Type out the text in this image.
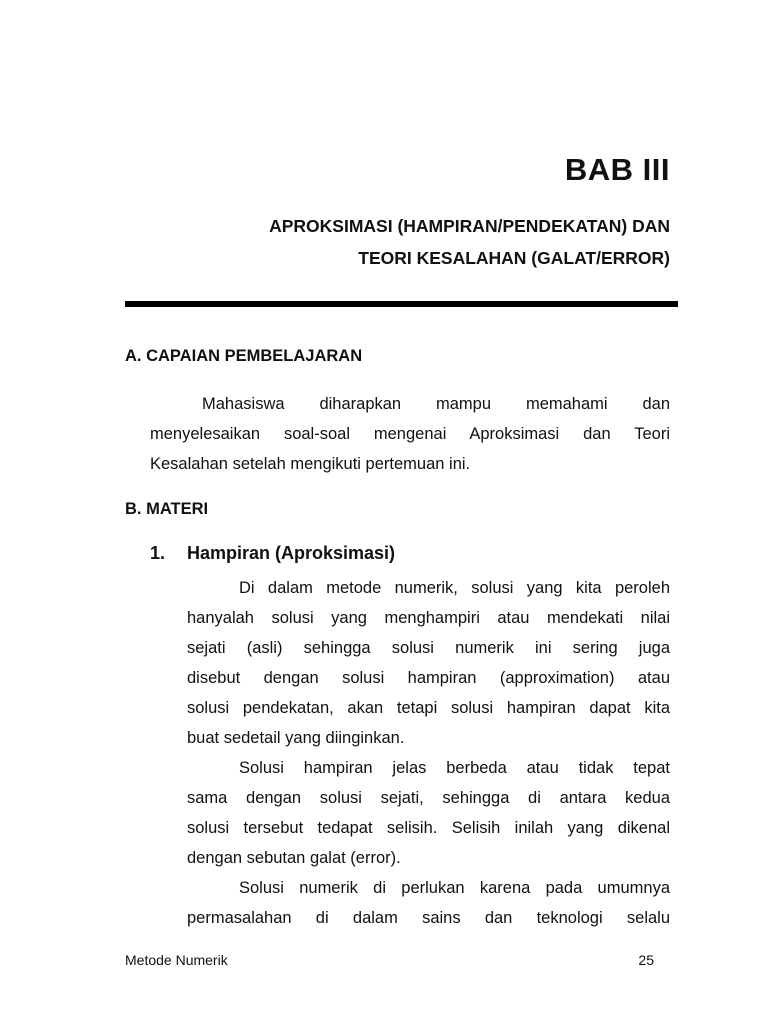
BAB III
APROKSIMASI (HAMPIRAN/PENDEKATAN) DAN
TEORI KESALAHAN (GALAT/ERROR)
A. CAPAIAN PEMBELAJARAN
Mahasiswa diharapkan mampu memahami dan
menyelesaikan soal-soal mengenai Aproksimasi dan Teori
Kesalahan setelah mengikuti pertemuan ini.
B. MATERI
1. Hampiran (Aproksimasi)
Di dalam metode numerik, solusi yang kita peroleh
hanyalah solusi yang menghampiri atau mendekati nilai
sejati (asli) sehingga solusi numerik ini sering juga
disebut dengan solusi hampiran (approximation) atau
solusi pendekatan, akan tetapi solusi hampiran dapat kita
buat sedetail yang diinginkan.
Solusi hampiran jelas berbeda atau tidak tepat
sama dengan solusi sejati, sehingga di antara kedua
solusi tersebut tedapat selisih. Selisih inilah yang dikenal
dengan sebutan galat (error).
Solusi numerik di perlukan karena pada umumnya
permasalahan di dalam sains dan teknologi selalu
Metode Numerik	25
